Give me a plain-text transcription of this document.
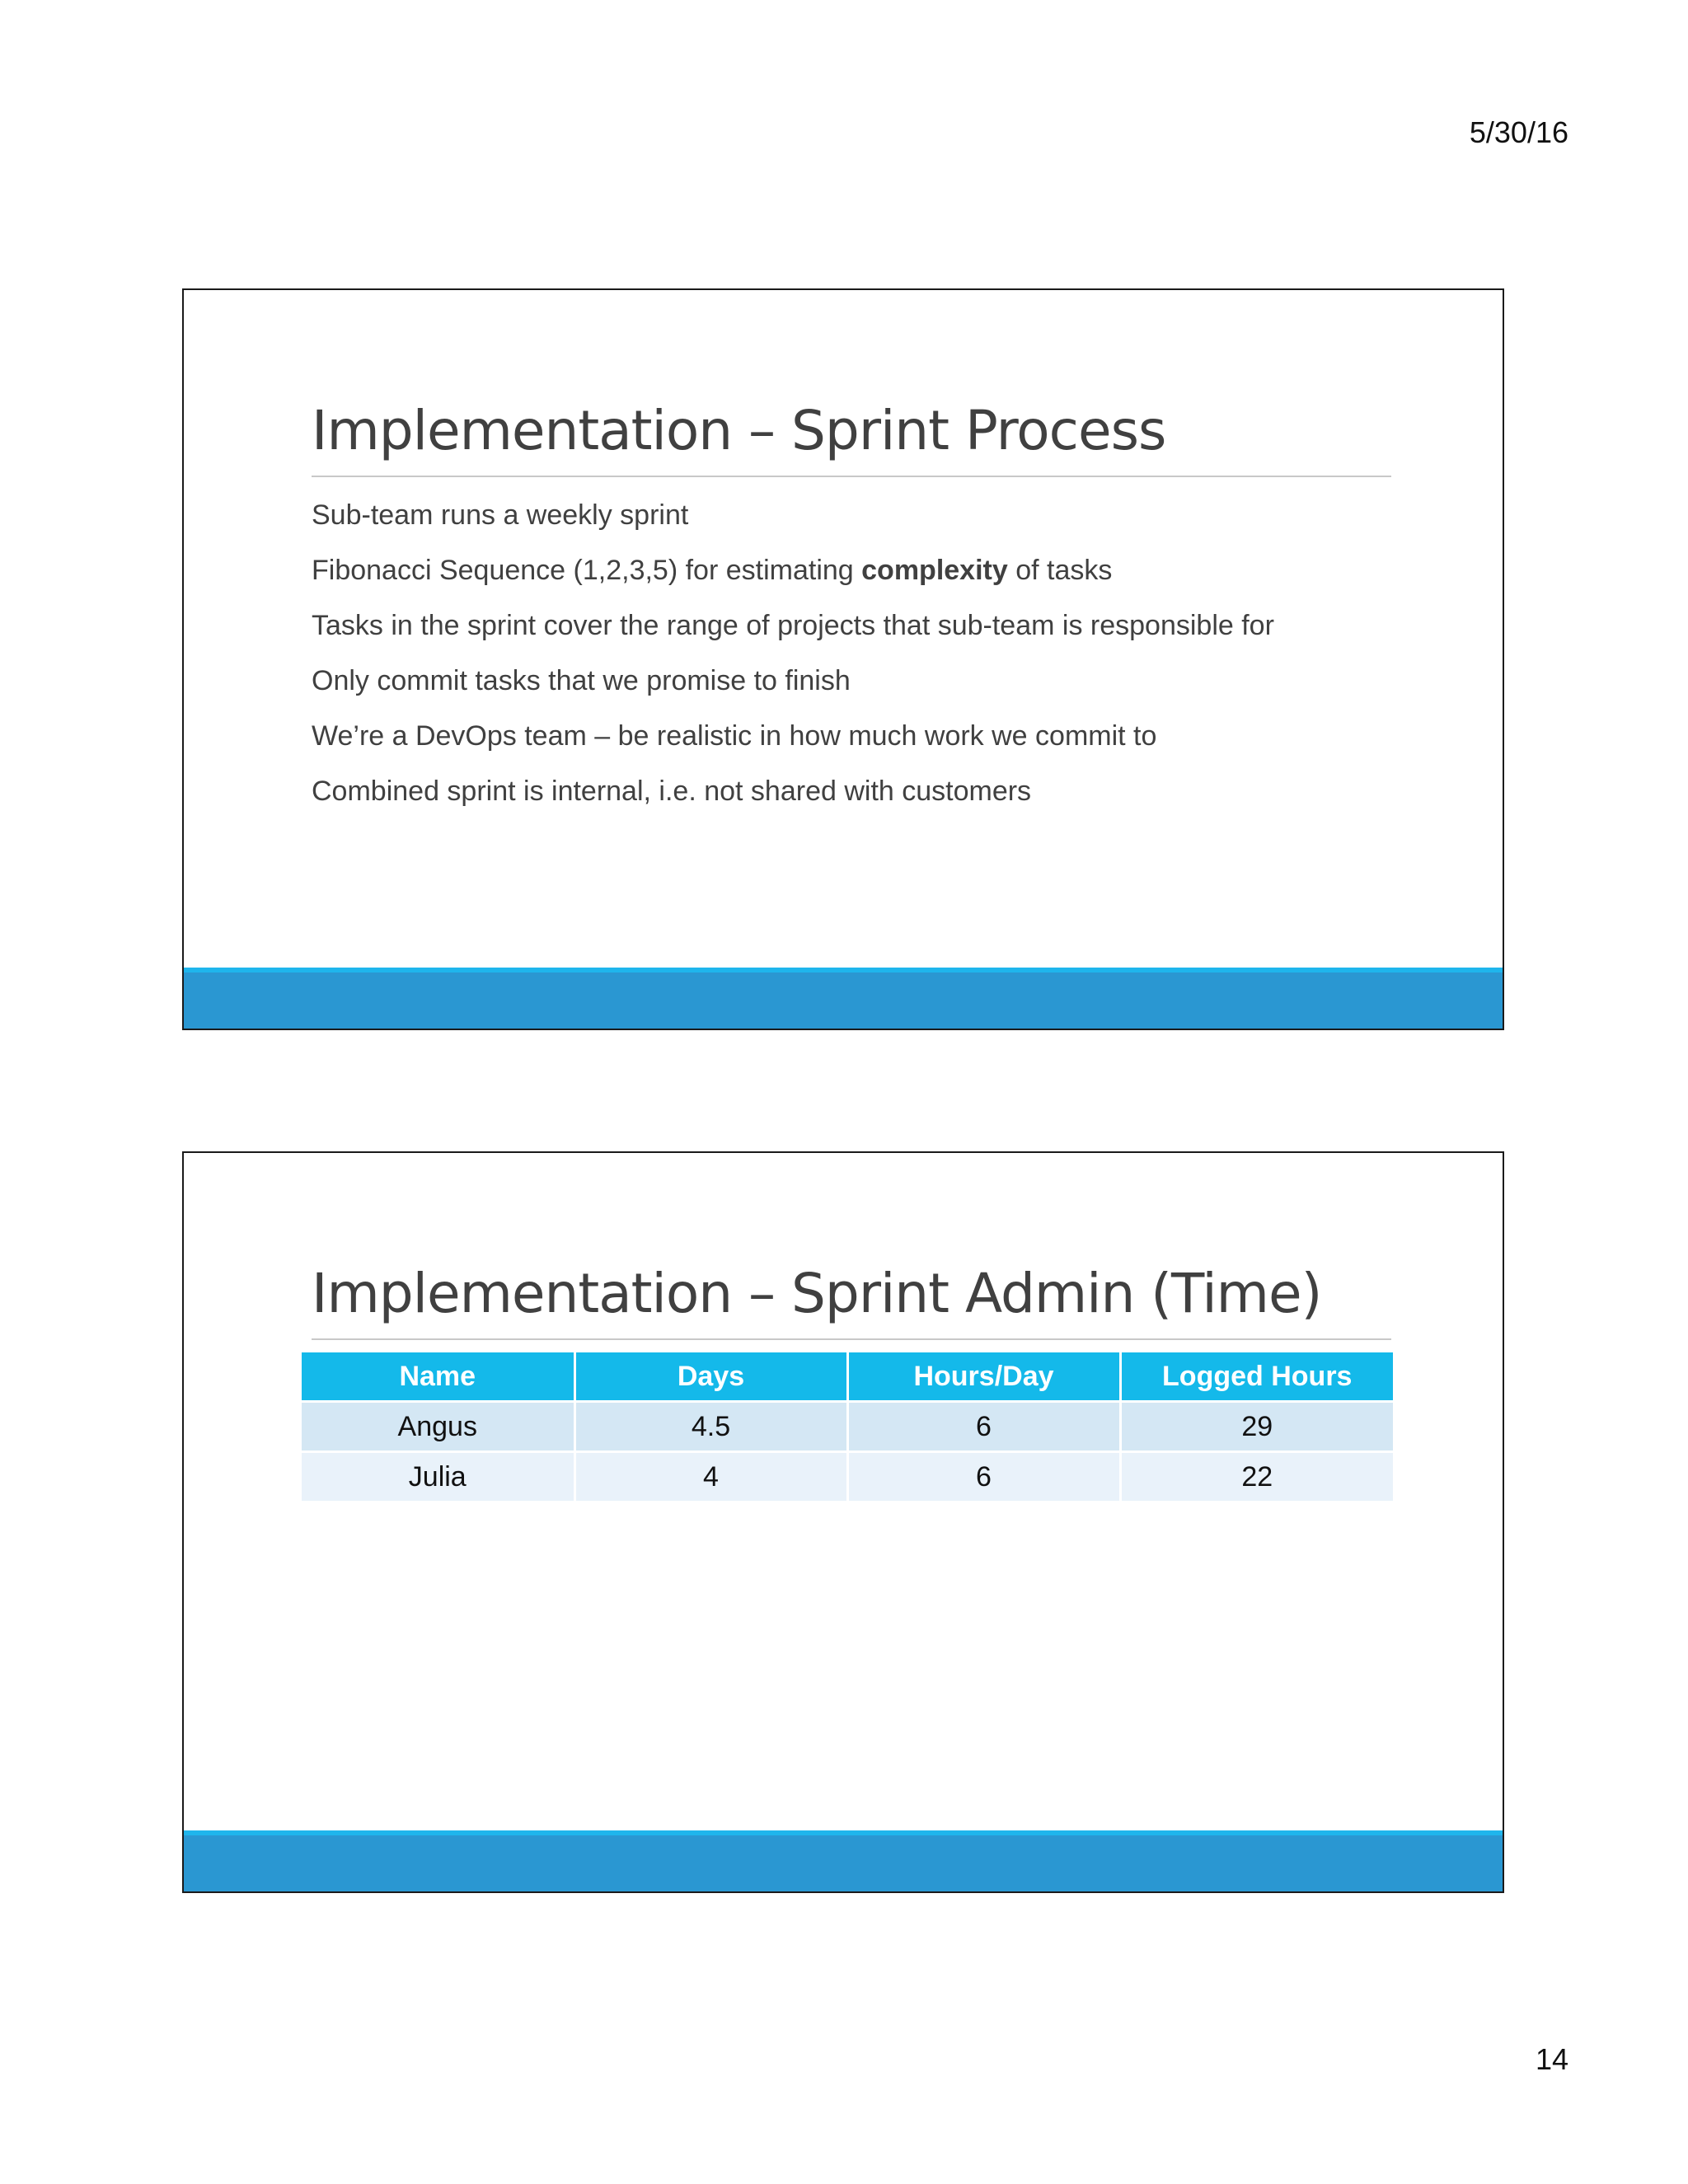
5/30/16
Implementation – Sprint Process
Sub-team runs a weekly sprint
Fibonacci Sequence (1,2,3,5) for estimating complexity of tasks
Tasks in the sprint cover the range of projects that sub-team is responsible for
Only commit tasks that we promise to finish
We’re a DevOps team – be realistic in how much work we commit to
Combined sprint is internal, i.e. not shared with customers
Implementation – Sprint Admin (Time)
Name	Days	Hours/Day	Logged Hours
Angus	4.5	6	29
Julia	4	6	22
14
